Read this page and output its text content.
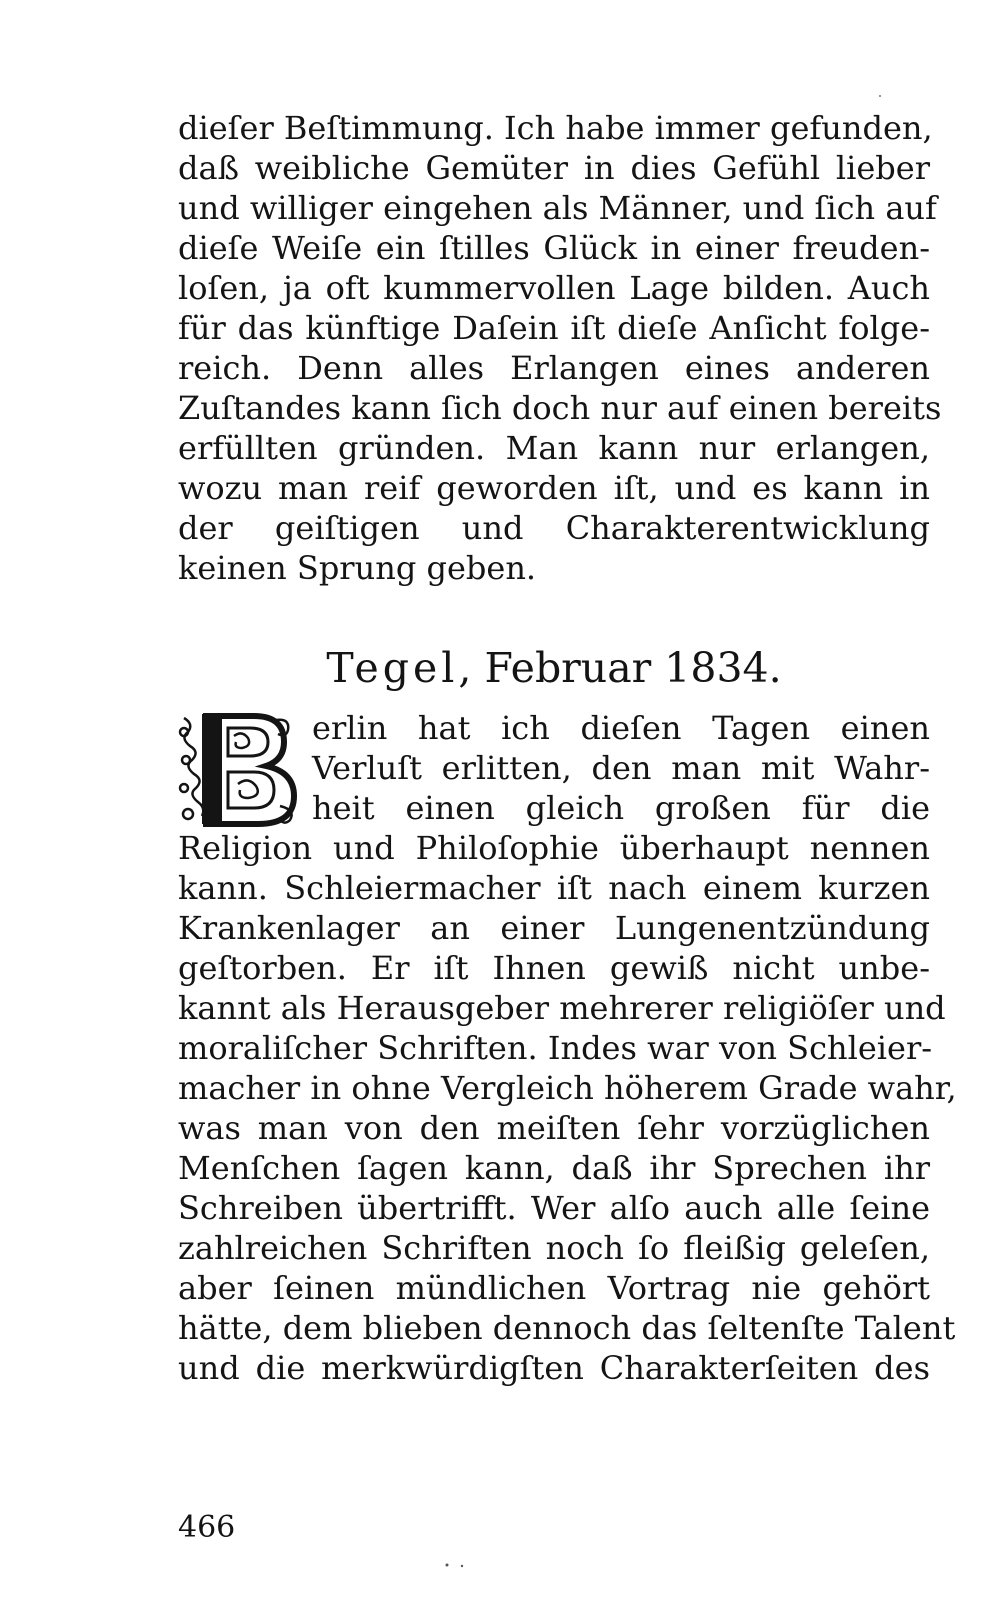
dieſer Beſtimmung. Ich habe immer gefunden,
daß weibliche Gemüter in dies Gefühl lieber
und williger eingehen als Männer, und ſich auf
dieſe Weiſe ein ſtilles Glück in einer freuden-
loſen, ja oft kummervollen Lage bilden. Auch
für das künftige Daſein iſt dieſe Anſicht folge-
reich. Denn alles Erlangen eines anderen
Zuſtandes kann ſich doch nur auf einen bereits
erfüllten gründen. Man kann nur erlangen,
wozu man reif geworden iſt, und es kann in
der geiſtigen und Charakterentwicklung
keinen Sprung geben.
Tegel, Februar 1834.
erlin hat ich dieſen Tagen einen
Verluſt erlitten, den man mit Wahr-
heit einen gleich großen für die
Religion und Philoſophie überhaupt nennen
kann. Schleiermacher iſt nach einem kurzen
Krankenlager an einer Lungenentzündung
geſtorben. Er iſt Ihnen gewiß nicht unbe-
kannt als Herausgeber mehrerer religiöſer und
moraliſcher Schriften. Indes war von Schleier-
macher in ohne Vergleich höherem Grade wahr,
was man von den meiſten ſehr vorzüglichen
Menſchen ſagen kann, daß ihr Sprechen ihr
Schreiben übertrifft. Wer alſo auch alle ſeine
zahlreichen Schriften noch ſo fleißig geleſen,
aber ſeinen mündlichen Vortrag nie gehört
hätte, dem blieben dennoch das ſeltenſte Talent
und die merkwürdigſten Charakterſeiten des
466
